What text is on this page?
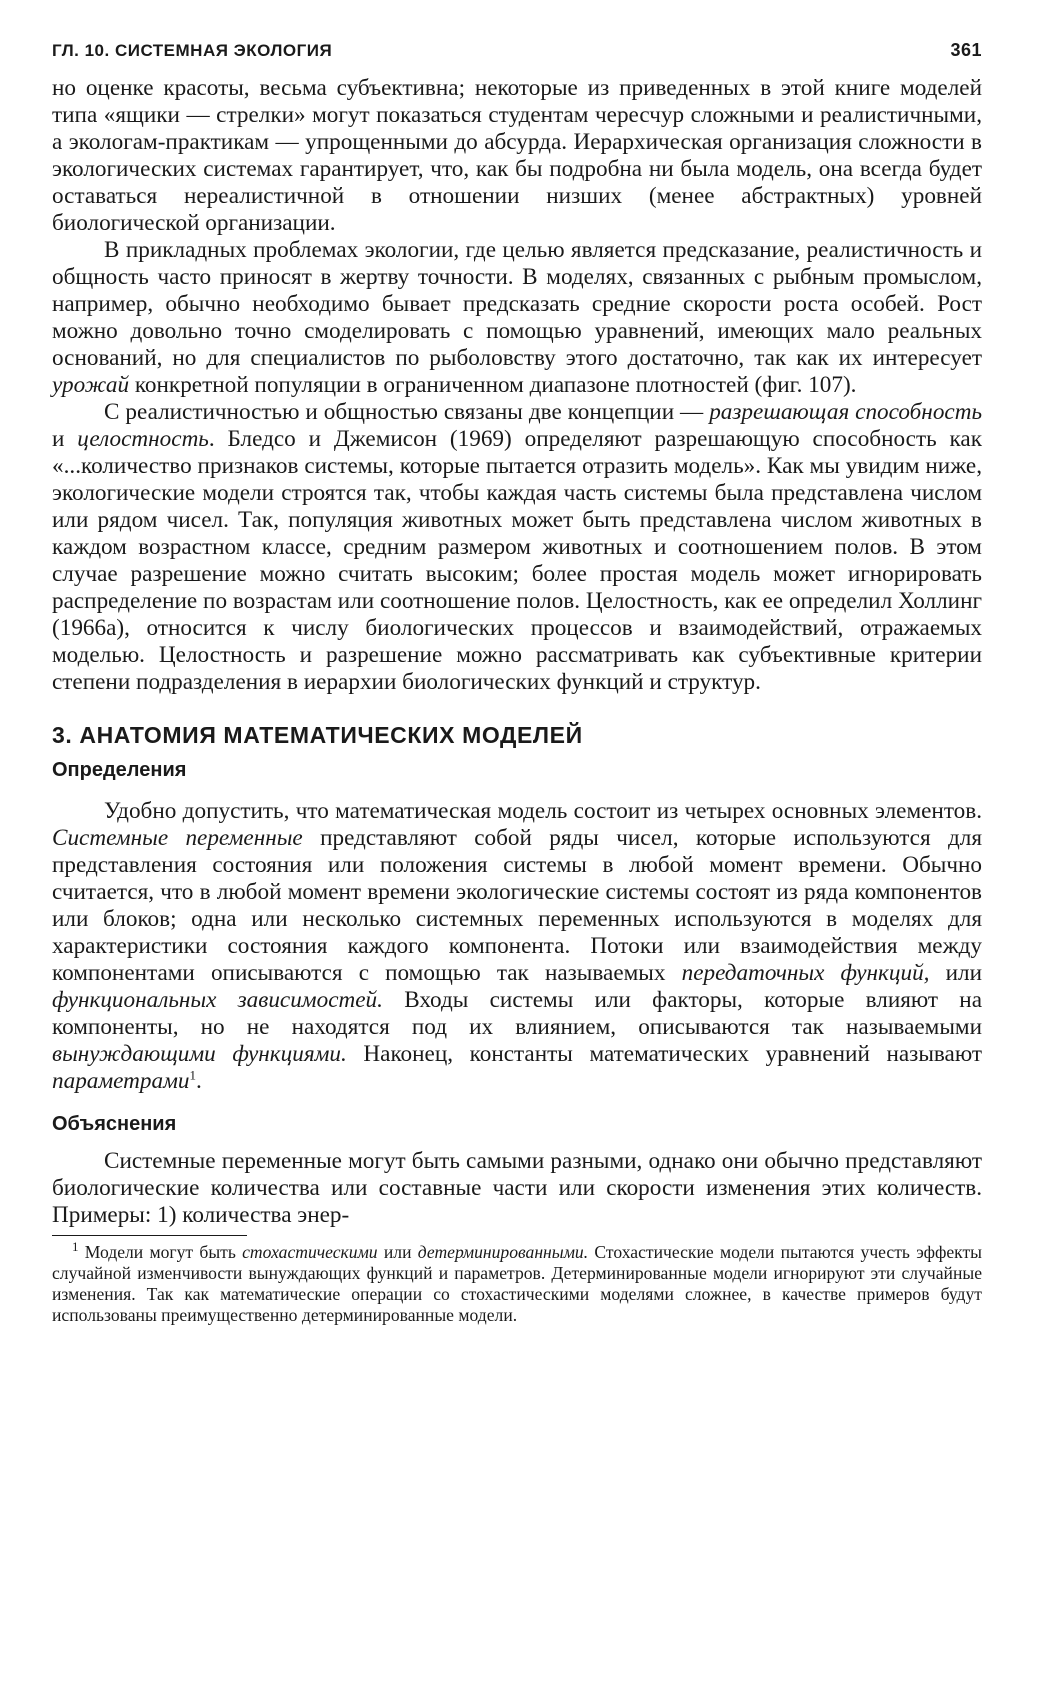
ГЛ. 10. СИСТЕМНАЯ ЭКОЛОГИЯ	361

но оценке красоты, весьма субъективна; некоторые из приведенных в этой книге моделей типа «ящики — стрелки» могут показаться студентам чересчур сложными и реалистичными, а экологам-практикам — упрощенными до абсурда. Иерархическая организация сложности в экологических системах гарантирует, что, как бы подробна ни была модель, она всегда будет оставаться нереалистичной в отношении низших (менее абстрактных) уровней биологической организации.

В прикладных проблемах экологии, где целью является предсказание, реалистичность и общность часто приносят в жертву точности. В моделях, связанных с рыбным промыслом, например, обычно необходимо бывает предсказать средние скорости роста особей. Рост можно довольно точно смоделировать с помощью уравнений, имеющих мало реальных оснований, но для специалистов по рыболовству этого достаточно, так как их интересует урожай конкретной популяции в ограниченном диапазоне плотностей (фиг. 107).

С реалистичностью и общностью связаны две концепции — разрешающая способность и целостность. Бледсо и Джемисон (1969) определяют разрешающую способность как «...количество признаков системы, которые пытается отразить модель». Как мы увидим ниже, экологические модели строятся так, чтобы каждая часть системы была представлена числом или рядом чисел. Так, популяция животных может быть представлена числом животных в каждом возрастном классе, средним размером животных и соотношением полов. В этом случае разрешение можно считать высоким; более простая модель может игнорировать распределение по возрастам или соотношение полов. Целостность, как ее определил Холлинг (1966а), относится к числу биологических процессов и взаимодействий, отражаемых моделью. Целостность и разрешение можно рассматривать как субъективные критерии степени подразделения в иерархии биологических функций и структур.

3. АНАТОМИЯ МАТЕМАТИЧЕСКИХ МОДЕЛЕЙ
Определения

Удобно допустить, что математическая модель состоит из четырех основных элементов. Системные переменные представляют собой ряды чисел, которые используются для представления состояния или положения системы в любой момент времени. Обычно считается, что в любой момент времени экологические системы состоят из ряда компонентов или блоков; одна или несколько системных переменных используются в моделях для характеристики состояния каждого компонента. Потоки или взаимодействия между компонентами описываются с помощью так называемых передаточных функций, или функциональных зависимостей. Входы системы или факторы, которые влияют на компоненты, но не находятся под их влиянием, описываются так называемыми вынуждающими функциями. Наконец, константы математических уравнений называют параметрами$^1$.

Объяснения

Системные переменные могут быть самыми разными, однако они обычно представляют биологические количества или составные части или скорости изменения этих количеств. Примеры: 1) количества энер-

$^1$ Модели могут быть стохастическими или детерминированными. Стохастические модели пытаются учесть эффекты случайной изменчивости вынуждающих функций и параметров. Детерминированные модели игнорируют эти случайные изменения. Так как математические операции со стохастическими моделями сложнее, в качестве примеров будут использованы преимущественно детерминированные модели.
